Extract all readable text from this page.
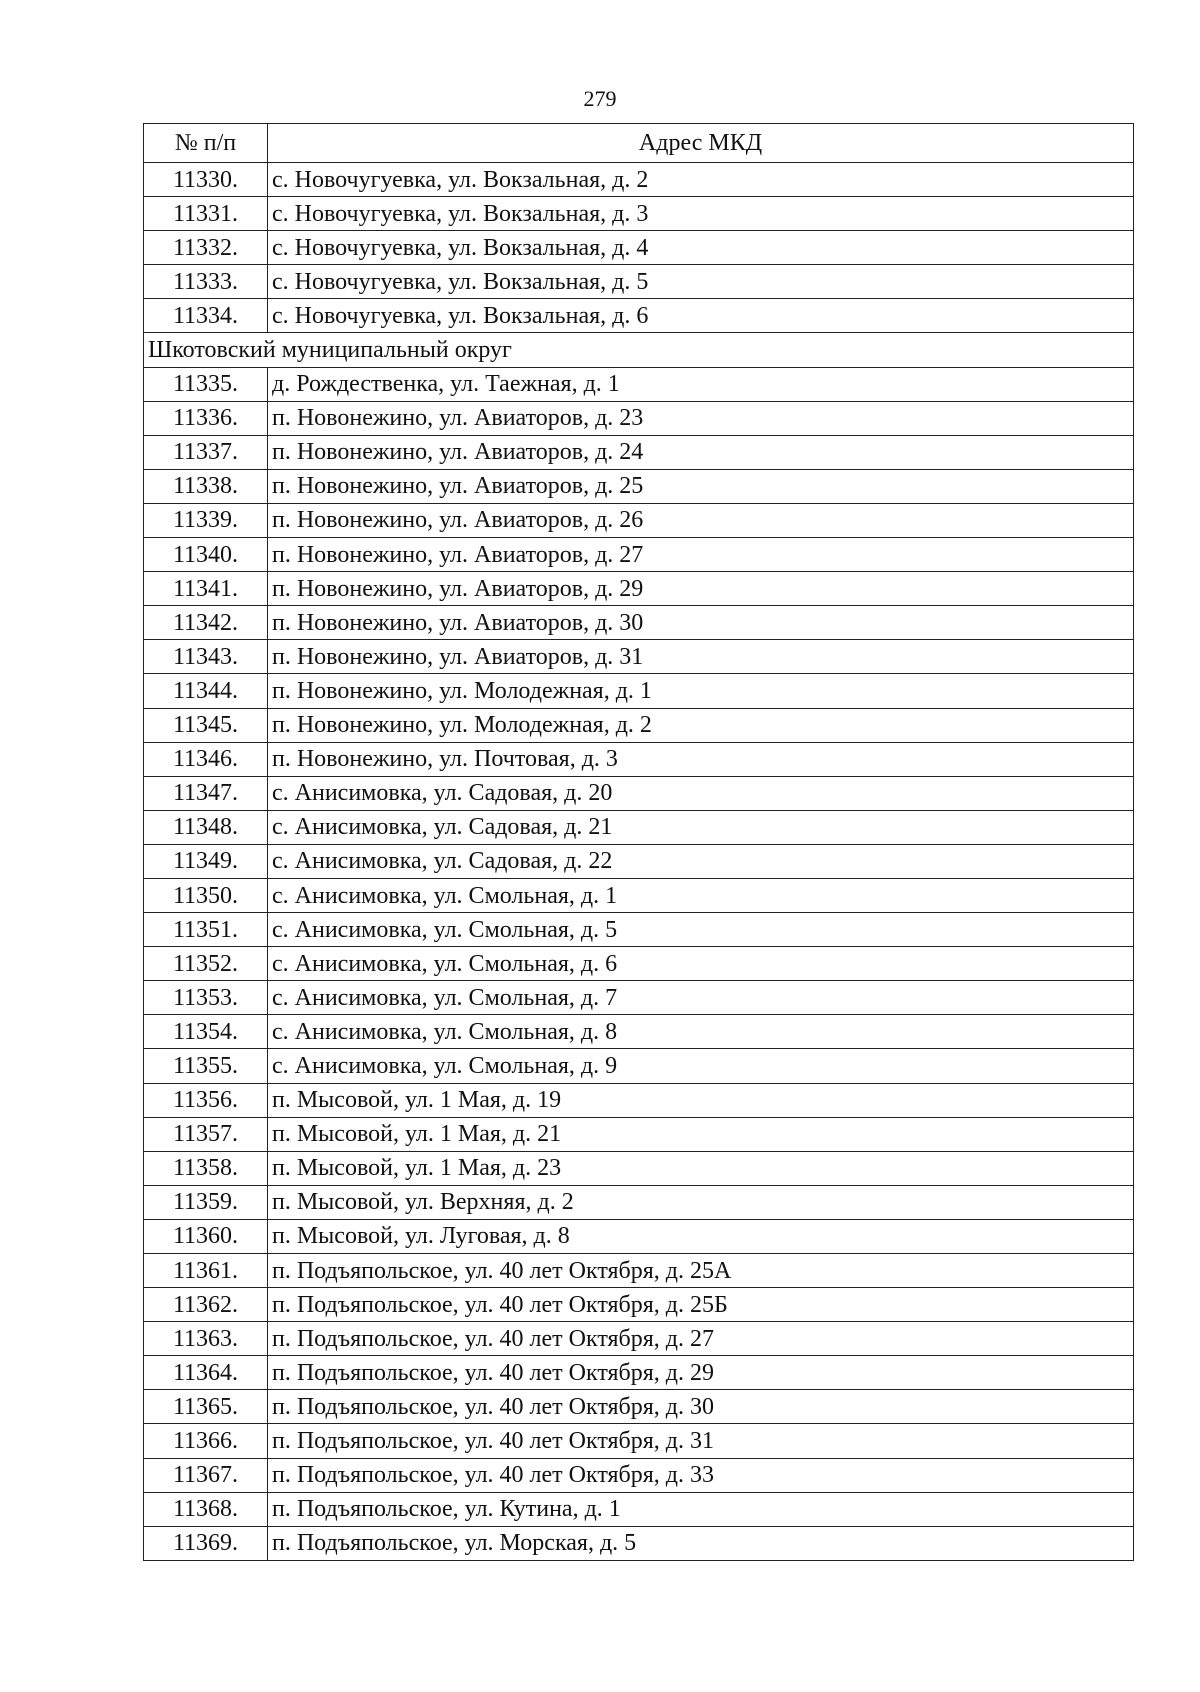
279
№ п/п	Адрес МКД
11330.	с. Новочугуевка, ул. Вокзальная, д. 2
11331.	с. Новочугуевка, ул. Вокзальная, д. 3
11332.	с. Новочугуевка, ул. Вокзальная, д. 4
11333.	с. Новочугуевка, ул. Вокзальная, д. 5
11334.	с. Новочугуевка, ул. Вокзальная, д. 6
Шкотовский муниципальный округ	
11335.	д. Рождественка, ул. Таежная, д. 1
11336.	п. Новонежино, ул. Авиаторов, д. 23
11337.	п. Новонежино, ул. Авиаторов, д. 24
11338.	п. Новонежино, ул. Авиаторов, д. 25
11339.	п. Новонежино, ул. Авиаторов, д. 26
11340.	п. Новонежино, ул. Авиаторов, д. 27
11341.	п. Новонежино, ул. Авиаторов, д. 29
11342.	п. Новонежино, ул. Авиаторов, д. 30
11343.	п. Новонежино, ул. Авиаторов, д. 31
11344.	п. Новонежино, ул. Молодежная, д. 1
11345.	п. Новонежино, ул. Молодежная, д. 2
11346.	п. Новонежино, ул. Почтовая, д. 3
11347.	с. Анисимовка, ул. Садовая, д. 20
11348.	с. Анисимовка, ул. Садовая, д. 21
11349.	с. Анисимовка, ул. Садовая, д. 22
11350.	с. Анисимовка, ул. Смольная, д. 1
11351.	с. Анисимовка, ул. Смольная, д. 5
11352.	с. Анисимовка, ул. Смольная, д. 6
11353.	с. Анисимовка, ул. Смольная, д. 7
11354.	с. Анисимовка, ул. Смольная, д. 8
11355.	с. Анисимовка, ул. Смольная, д. 9
11356.	п. Мысовой, ул. 1 Мая, д. 19
11357.	п. Мысовой, ул. 1 Мая, д. 21
11358.	п. Мысовой, ул. 1 Мая, д. 23
11359.	п. Мысовой, ул. Верхняя, д. 2
11360.	п. Мысовой, ул. Луговая, д. 8
11361.	п. Подъяпольское, ул. 40 лет Октября, д. 25А
11362.	п. Подъяпольское, ул. 40 лет Октября, д. 25Б
11363.	п. Подъяпольское, ул. 40 лет Октября, д. 27
11364.	п. Подъяпольское, ул. 40 лет Октября, д. 29
11365.	п. Подъяпольское, ул. 40 лет Октября, д. 30
11366.	п. Подъяпольское, ул. 40 лет Октября, д. 31
11367.	п. Подъяпольское, ул. 40 лет Октября, д. 33
11368.	п. Подъяпольское, ул. Кутина, д. 1
11369.	п. Подъяпольское, ул. Морская, д. 5
